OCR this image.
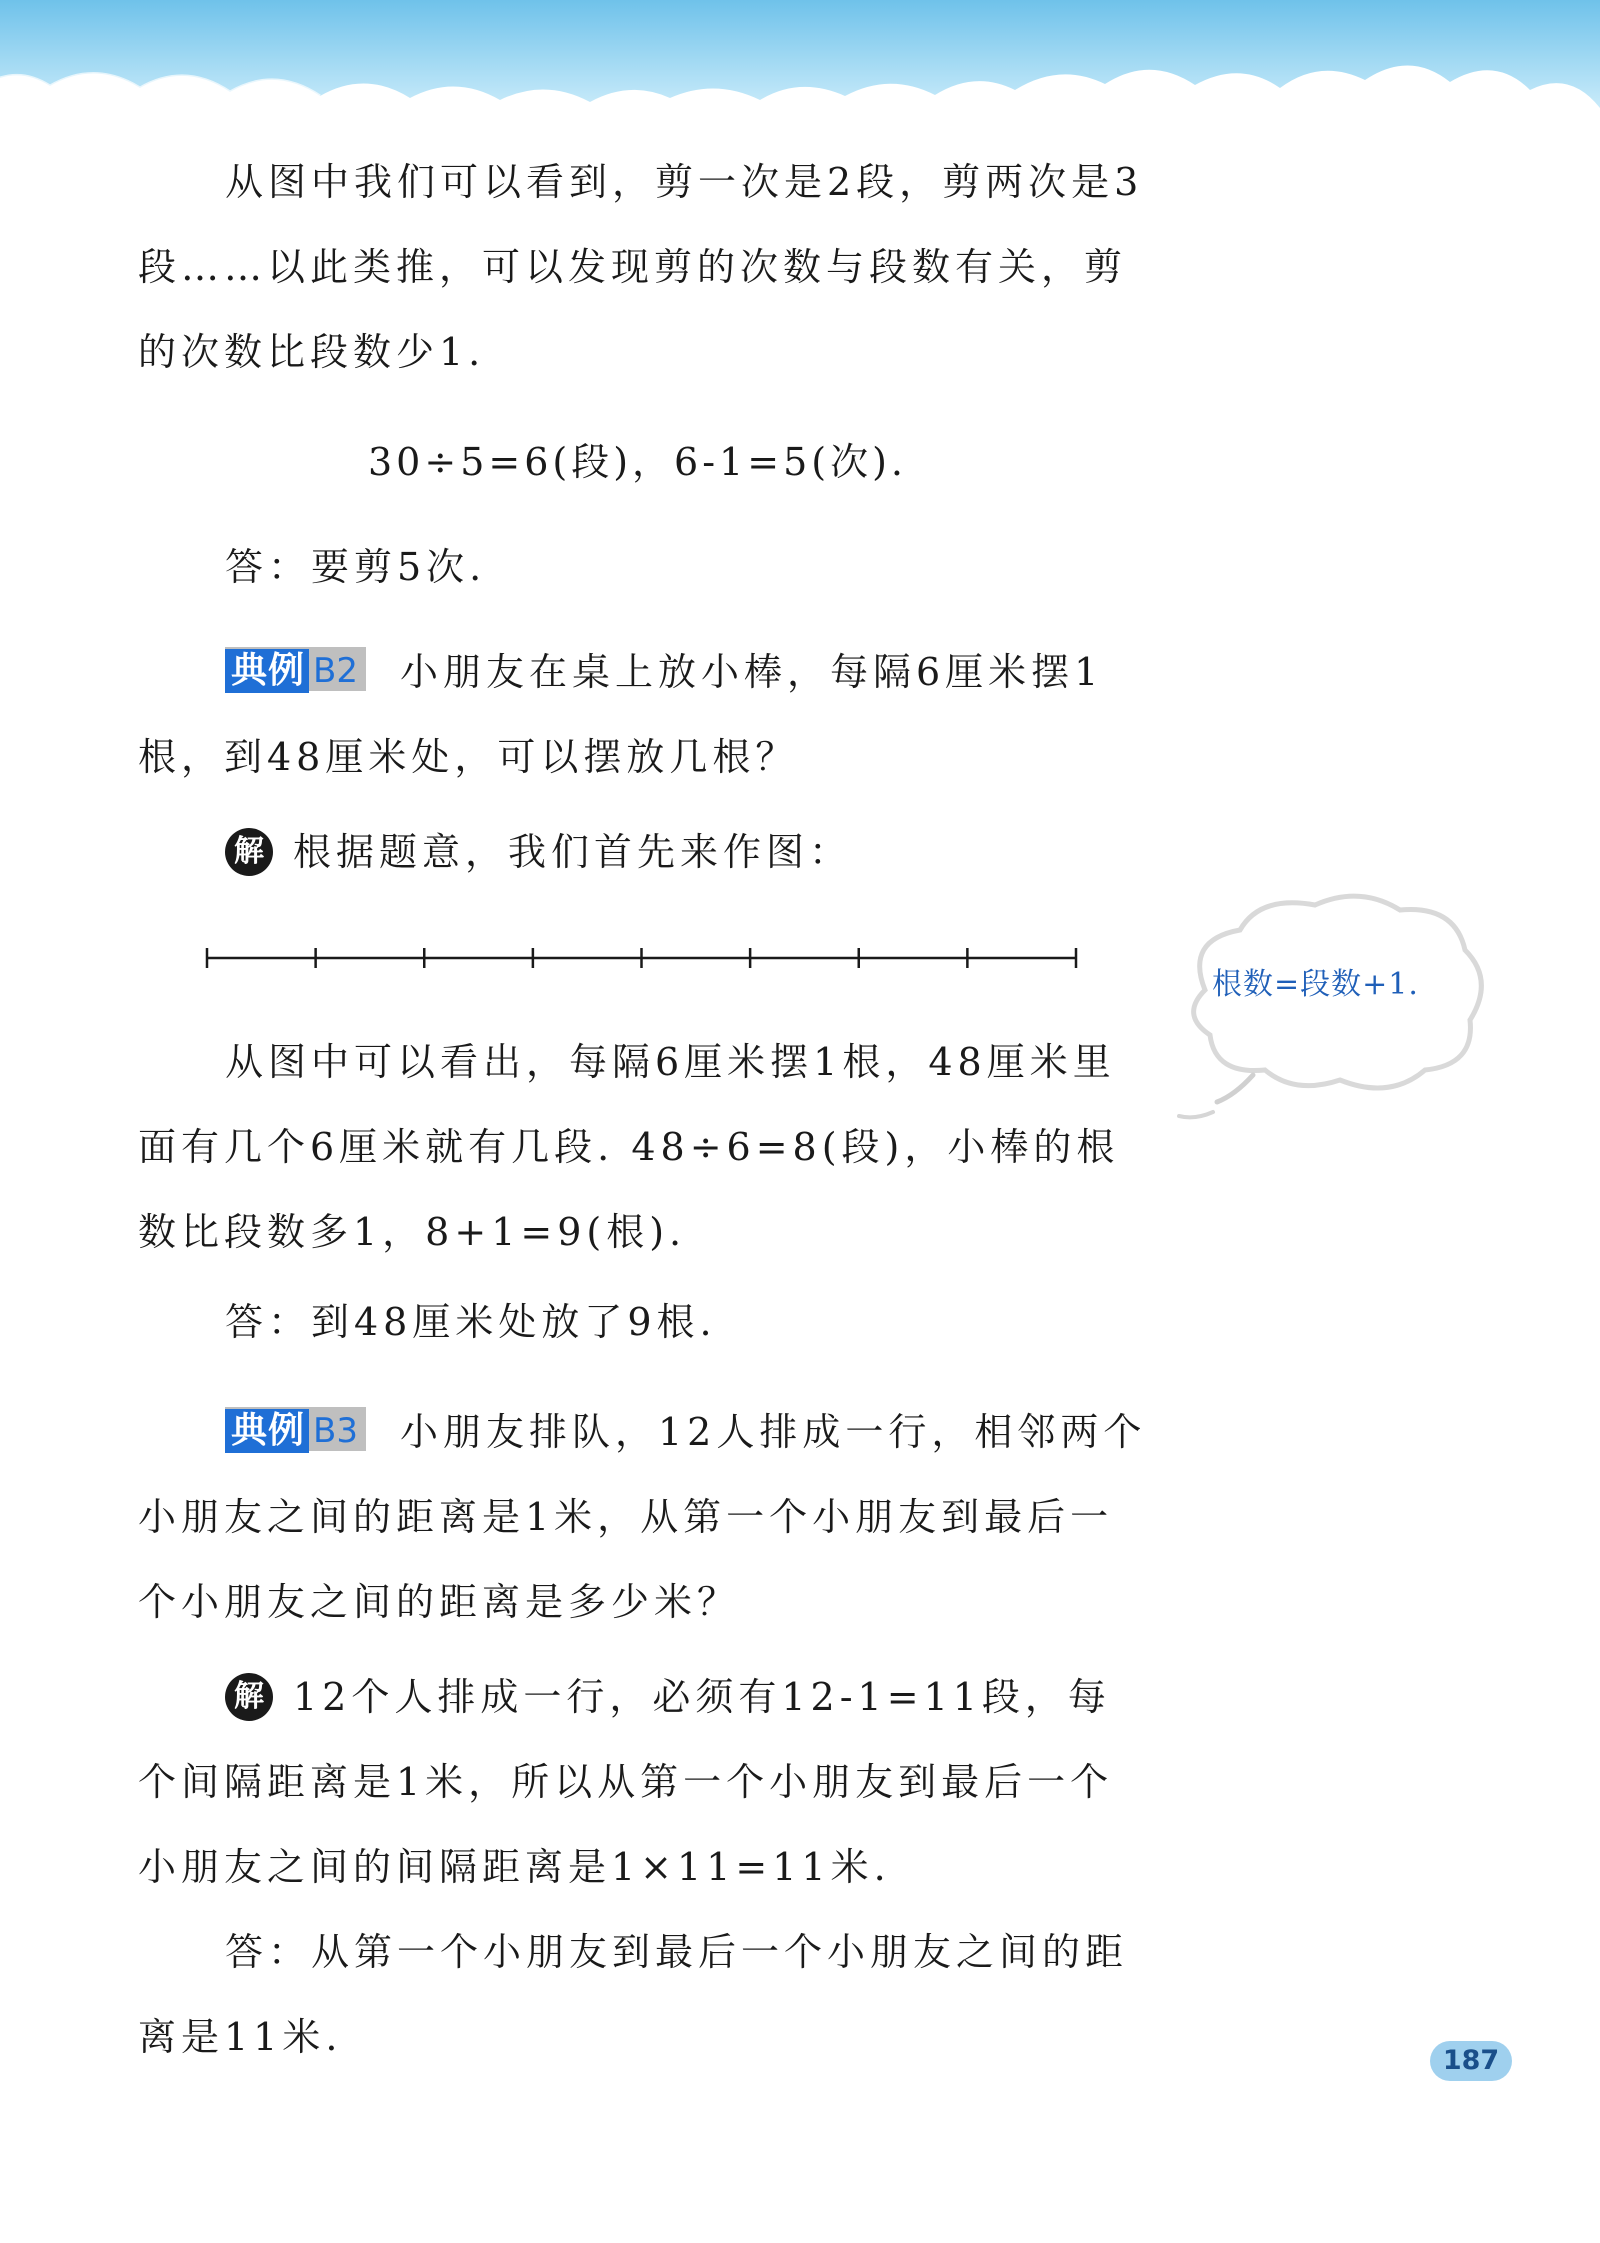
从图中我们可以看到，剪一次是2段，剪两次是3段……以此类推，可以发现剪的次数与段数有关，剪的次数比段数少1.

30÷5=6(段)，6-1=5(次).

答：要剪5次.

典例 B2 小朋友在桌上放小棒，每隔6厘米摆1根，到48厘米处，可以摆放几根？

解 根据题意，我们首先来作图：

根数=段数+1.

从图中可以看出，每隔6厘米摆1根，48厘米里面有几个6厘米就有几段. 48÷6=8(段)，小棒的根数比段数多1，8+1=9(根).

答：到48厘米处放了9根.

典例 B3 小朋友排队，12人排成一行，相邻两个小朋友之间的距离是1米，从第一个小朋友到最后一个小朋友之间的距离是多少米？

解 12个人排成一行，必须有12-1=11段，每个间隔距离是1米，所以从第一个小朋友到最后一个小朋友之间的间隔距离是1×11=11米.

答：从第一个小朋友到最后一个小朋友之间的距离是11米.

187
